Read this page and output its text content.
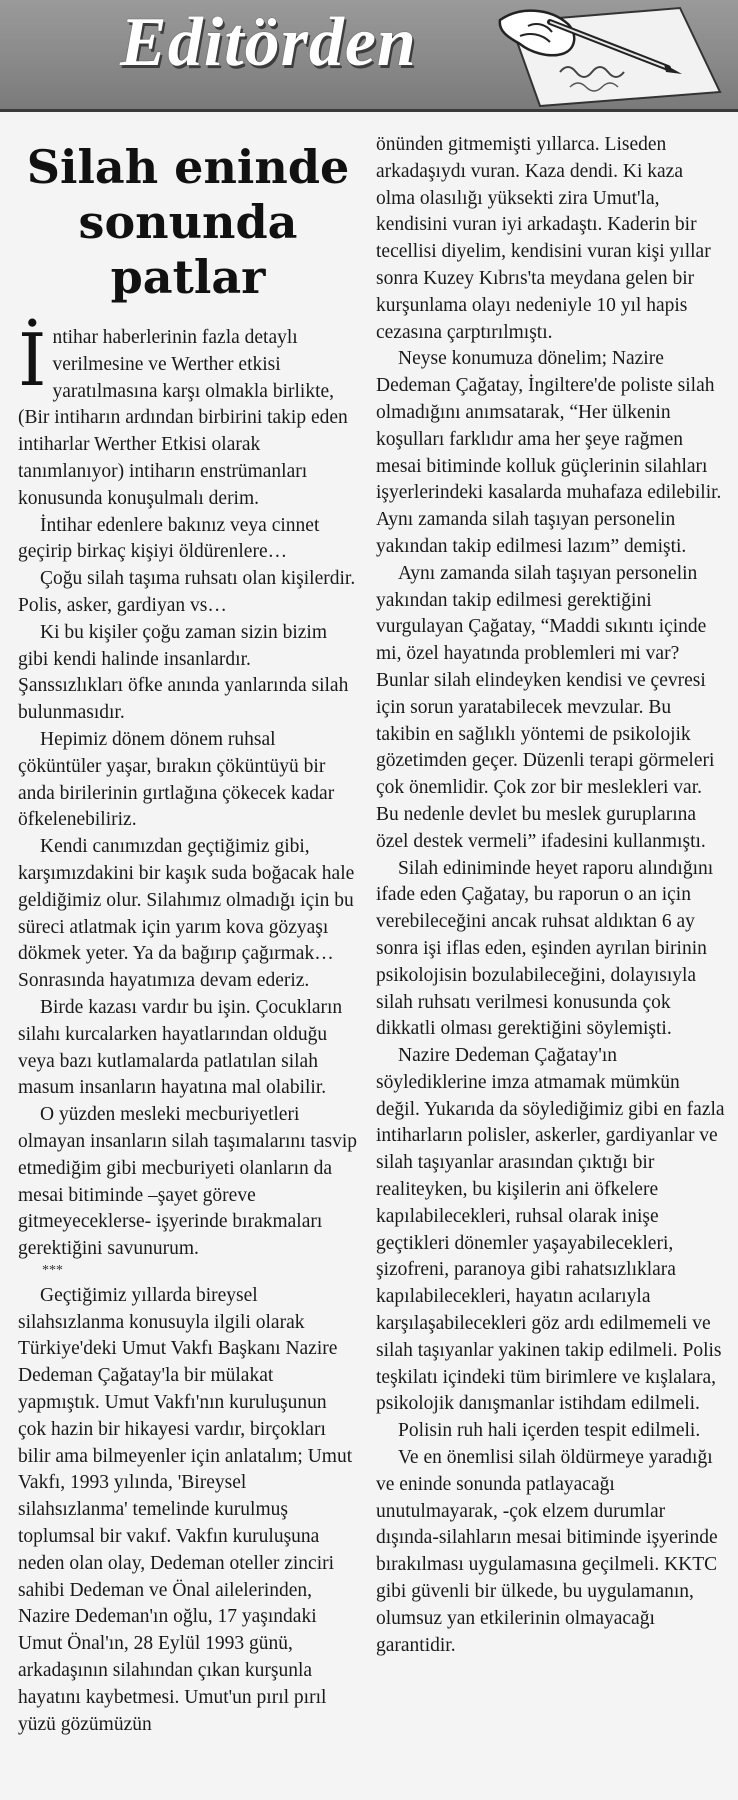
Editörden
Silah eninde
sonunda
patlar

İntihar haberlerinin fazla detaylı verilmesine ve Werther etkisi yaratılmasına karşı olmakla birlikte, (Bir intiharın ardından birbirini takip eden intiharlar Werther Etkisi olarak tanımlanıyor) intiharın enstrümanları konusunda konuşulmalı derim.

İntihar edenlere bakınız veya cinnet geçirip birkaç kişiyi öldürenlere…

Çoğu silah taşıma ruhsatı olan kişilerdir. Polis, asker, gardiyan vs…

Ki bu kişiler çoğu zaman sizin bizim gibi kendi halinde insanlardır. Şanssızlıkları öfke anında yanlarında silah bulunmasıdır.

Hepimiz dönem dönem ruhsal çöküntüler yaşar, bırakın çöküntüyü bir anda birilerinin gırtlağına çökecek kadar öfkelenebiliriz.

Kendi canımızdan geçtiğimiz gibi, karşımızdakini bir kaşık suda boğacak hale geldiğimiz olur. Silahımız olmadığı için bu süreci atlatmak için yarım kova gözyaşı dökmek yeter. Ya da bağırıp çağırmak… Sonrasında hayatımıza devam ederiz.

Birde kazası vardır bu işin. Çocukların silahı kurcalarken hayatlarından olduğu veya bazı kutlamalarda patlatılan silah masum insanların hayatına mal olabilir.

O yüzden mesleki mecburiyetleri olmayan insanların silah taşımalarını tasvip etmediğim gibi mecburiyeti olanların da mesai bitiminde –şayet göreve gitmeyeceklerse- işyerinde bırakmaları gerektiğini savunurum.

***

Geçtiğimiz yıllarda bireysel silahsızlanma konusuyla ilgili olarak Türkiye'deki Umut Vakfı Başkanı Nazire Dedeman Çağatay'la bir mülakat yapmıştık. Umut Vakfı'nın kuruluşunun çok hazin bir hikayesi vardır, birçokları bilir ama bilmeyenler için anlatalım; Umut Vakfı, 1993 yılında, 'Bireysel silahsızlanma' temelinde kurulmuş toplumsal bir vakıf. Vakfın kuruluşuna neden olan olay, Dedeman oteller zinciri sahibi Dedeman ve Önal ailelerinden, Nazire Dedeman'ın oğlu, 17 yaşındaki Umut Önal'ın, 28 Eylül 1993 günü, arkadaşının silahından çıkan kurşunla hayatını kaybetmesi. Umut'un pırıl pırıl yüzü gözümüzün

önünden gitmemişti yıllarca. Liseden arkadaşıydı vuran. Kaza dendi. Ki kaza olma olasılığı yüksekti zira Umut'la, kendisini vuran iyi arkadaştı. Kaderin bir tecellisi diyelim, kendisini vuran kişi yıllar sonra Kuzey Kıbrıs'ta meydana gelen bir kurşunlama olayı nedeniyle 10 yıl hapis cezasına çarptırılmıştı.

Neyse konumuza dönelim; Nazire Dedeman Çağatay, İngiltere'de poliste silah olmadığını anımsatarak, “Her ülkenin koşulları farklıdır ama her şeye rağmen mesai bitiminde kolluk güçlerinin silahları işyerlerindeki kasalarda muhafaza edilebilir. Aynı zamanda silah taşıyan personelin yakından takip edilmesi lazım” demişti.

Aynı zamanda silah taşıyan personelin yakından takip edilmesi gerektiğini vurgulayan Çağatay, “Maddi sıkıntı içinde mi, özel hayatında problemleri mi var? Bunlar silah elindeyken kendisi ve çevresi için sorun yaratabilecek mevzular. Bu takibin en sağlıklı yöntemi de psikolojik gözetimden geçer. Düzenli terapi görmeleri çok önemlidir. Çok zor bir meslekleri var. Bu nedenle devlet bu meslek guruplarına özel destek vermeli” ifadesini kullanmıştı.

Silah ediniminde heyet raporu alındığını ifade eden Çağatay, bu raporun o an için verebileceğini ancak ruhsat aldıktan 6 ay sonra işi iflas eden, eşinden ayrılan birinin psikolojisin bozulabileceğini, dolayısıyla silah ruhsatı verilmesi konusunda çok dikkatli olması gerektiğini söylemişti.

Nazire Dedeman Çağatay'ın söylediklerine imza atmamak mümkün değil. Yukarıda da söylediğimiz gibi en fazla intiharların polisler, askerler, gardiyanlar ve silah taşıyanlar arasından çıktığı bir realiteyken, bu kişilerin ani öfkelere kapılabilecekleri, ruhsal olarak inişe geçtikleri dönemler yaşayabilecekleri, şizofreni, paranoya gibi rahatsızlıklara kapılabilecekleri, hayatın acılarıyla karşılaşabilecekleri göz ardı edilmemeli ve silah taşıyanlar yakinen takip edilmeli. Polis teşkilatı içindeki tüm birimlere ve kışlalara, psikolojik danışmanlar istihdam edilmeli.

Polisin ruh hali içerden tespit edilmeli.

Ve en önemlisi silah öldürmeye yaradığı ve eninde sonunda patlayacağı unutulmayarak, -çok elzem durumlar dışında-silahların mesai bitiminde işyerinde bırakılması uygulamasına geçilmeli. KKTC gibi güvenli bir ülkede, bu uygulamanın, olumsuz yan etkilerinin olmayacağı garantidir.
